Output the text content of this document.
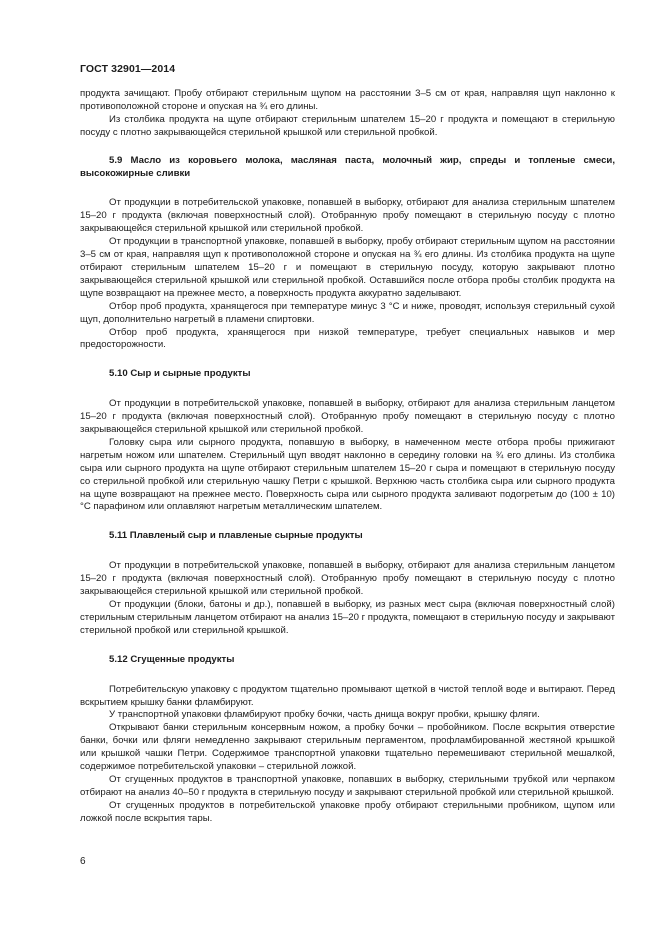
ГОСТ 32901—2014

продукта зачищают. Пробу отбирают стерильным щупом на расстоянии 3–5 см от края, направляя щуп наклонно к противоположной стороне и опуская на ¾ его длины.

Из столбика продукта на щупе отбирают стерильным шпателем 15–20 г продукта и помещают в стерильную посуду с плотно закрывающейся стерильной крышкой или стерильной пробкой.

5.9 Масло из коровьего молока, масляная паста, молочный жир, спреды и топленые смеси, высокожирные сливки

От продукции в потребительской упаковке, попавшей в выборку, отбирают для анализа стерильным шпателем 15–20 г продукта (включая поверхностный слой). Отобранную пробу помещают в стерильную посуду с плотно закрывающейся стерильной крышкой или стерильной пробкой.

От продукции в транспортной упаковке, попавшей в выборку, пробу отбирают стерильным щупом на расстоянии 3–5 см от края, направляя щуп к противоположной стороне и опуская на ¾ его длины. Из столбика продукта на щупе отбирают стерильным шпателем 15–20 г и помещают в стерильную посуду, которую закрывают плотно закрывающейся стерильной крышкой или стерильной пробкой. Оставшийся после отбора пробы столбик продукта на щупе возвращают на прежнее место, а поверхность продукта аккуратно заделывают.

Отбор проб продукта, хранящегося при температуре минус 3 °С и ниже, проводят, используя стерильный сухой щуп, дополнительно нагретый в пламени спиртовки.

Отбор проб продукта, хранящегося при низкой температуре, требует специальных навыков и мер предосторожности.

5.10 Сыр и сырные продукты

От продукции в потребительской упаковке, попавшей в выборку, отбирают для анализа стерильным ланцетом 15–20 г продукта (включая поверхностный слой). Отобранную пробу помещают в стерильную посуду с плотно закрывающейся стерильной крышкой или стерильной пробкой.

Головку сыра или сырного продукта, попавшую в выборку, в намеченном месте отбора пробы прижигают нагретым ножом или шпателем. Стерильный щуп вводят наклонно в середину головки на ¾ его длины. Из столбика сыра или сырного продукта на щупе отбирают стерильным шпателем 15–20 г сыра и помещают в стерильную посуду со стерильной пробкой или стерильную чашку Петри с крышкой. Верхнюю часть столбика сыра или сырного продукта на щупе возвращают на прежнее место. Поверхность сыра или сырного продукта заливают подогретым до (100 ± 10) °С парафином или оплавляют нагретым металлическим шпателем.

5.11 Плавленый сыр и плавленые сырные продукты

От продукции в потребительской упаковке, попавшей в выборку, отбирают для анализа стерильным ланцетом 15–20 г продукта (включая поверхностный слой). Отобранную пробу помещают в стерильную посуду с плотно закрывающейся стерильной крышкой или стерильной пробкой.

От продукции (блоки, батоны и др.), попавшей в выборку, из разных мест сыра (включая поверхностный слой) стерильным стерильным ланцетом отбирают на анализ 15–20 г продукта, помещают в стерильную посуду и закрывают стерильной пробкой или стерильной крышкой.

5.12 Сгущенные продукты

Потребительскую упаковку с продуктом тщательно промывают щеткой в чистой теплой воде и вытирают. Перед вскрытием крышку банки фламбируют.

У транспортной упаковки фламбируют пробку бочки, часть днища вокруг пробки, крышку фляги.

Открывают банки стерильным консервным ножом, а пробку бочки – пробойником. После вскрытия отверстие банки, бочки или фляги немедленно закрывают стерильным пергаментом, профламбированной жестяной крышкой или крышкой чашки Петри. Содержимое транспортной упаковки тщательно перемешивают стерильной мешалкой, содержимое потребительской упаковки – стерильной ложкой.

От сгущенных продуктов в транспортной упаковке, попавших в выборку, стерильными трубкой или черпаком отбирают на анализ 40–50 г продукта в стерильную посуду и закрывают стерильной пробкой или стерильной крышкой.

От сгущенных продуктов в потребительской упаковке пробу отбирают стерильными пробником, щупом или ложкой после вскрытия тары.

6
